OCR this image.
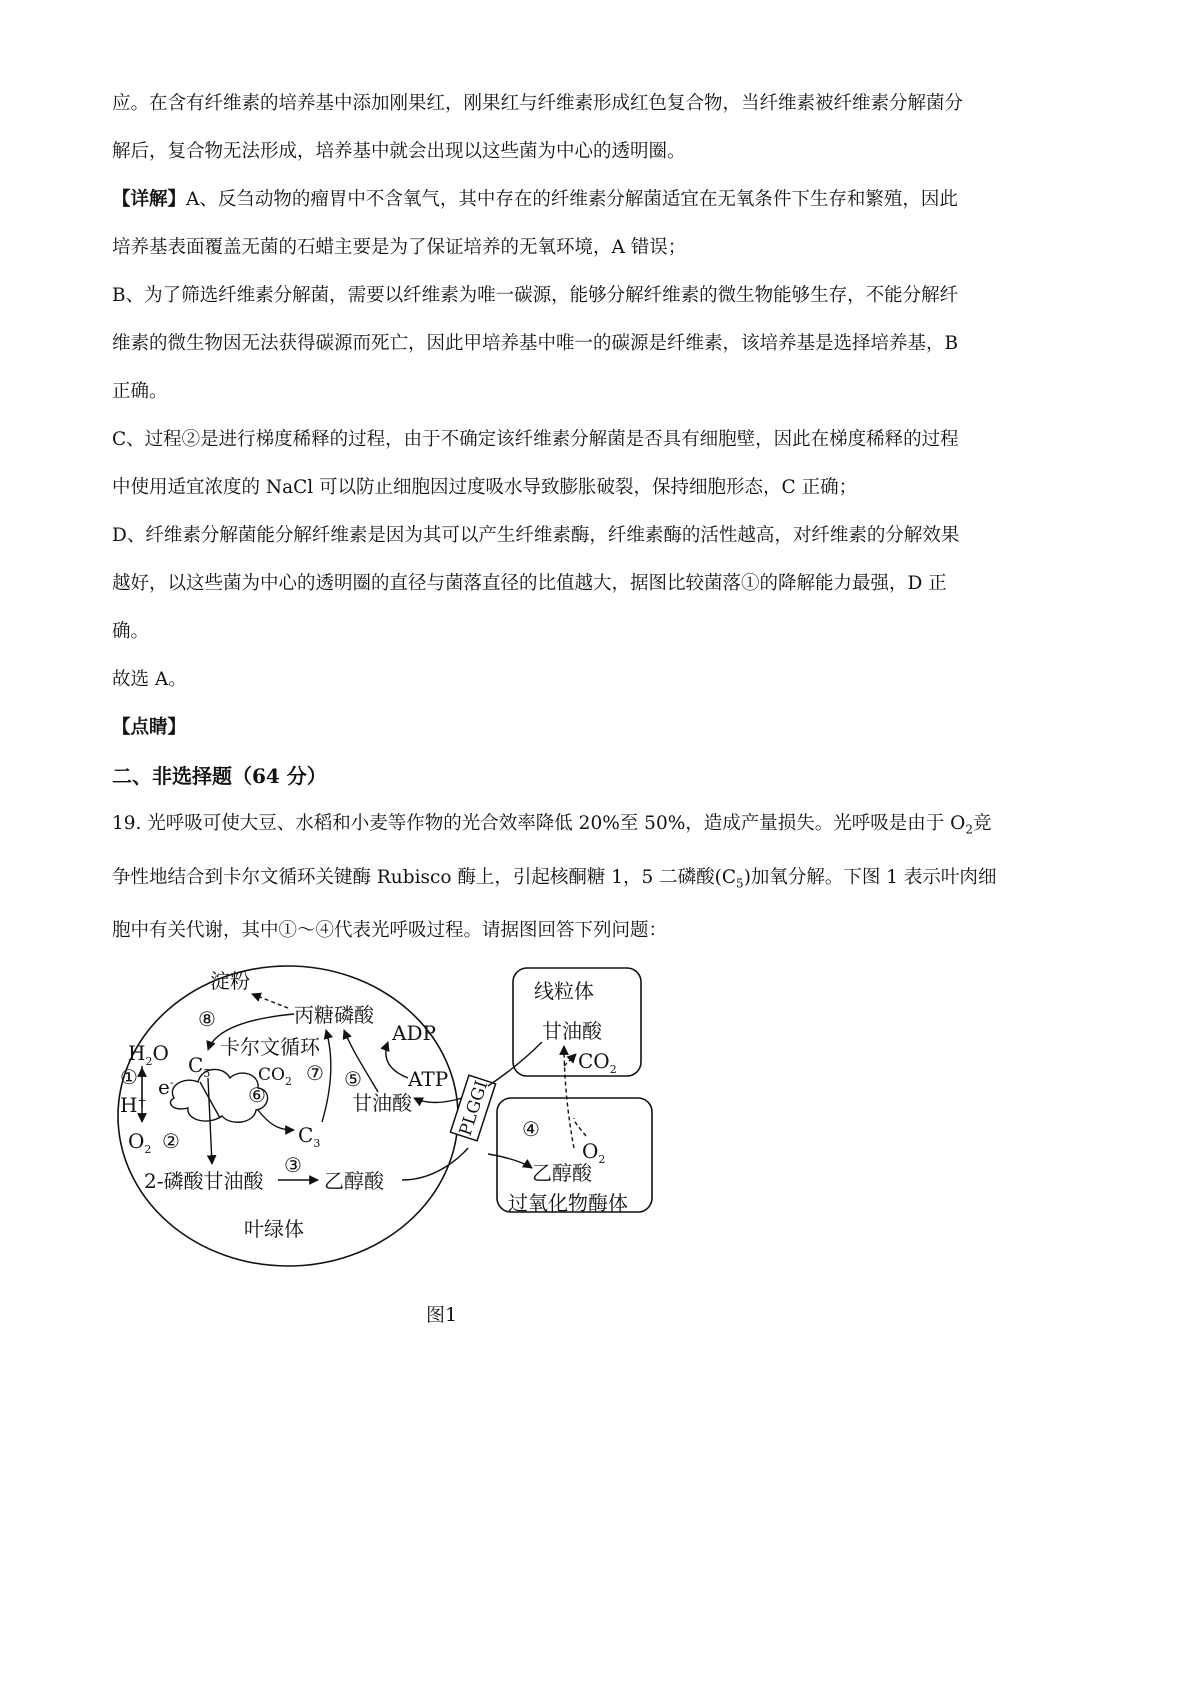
应。在含有纤维素的培养基中添加刚果红，刚果红与纤维素形成红色复合物，当纤维素被纤维素分解菌分
解后，复合物无法形成，培养基中就会出现以这些菌为中心的透明圈。
【详解】A、反刍动物的瘤胃中不含氧气，其中存在的纤维素分解菌适宜在无氧条件下生存和繁殖，因此
培养基表面覆盖无菌的石蜡主要是为了保证培养的无氧环境，A 错误；
B、为了筛选纤维素分解菌，需要以纤维素为唯一碳源，能够分解纤维素的微生物能够生存，不能分解纤
维素的微生物因无法获得碳源而死亡，因此甲培养基中唯一的碳源是纤维素，该培养基是选择培养基，B
正确。
C、过程②是进行梯度稀释的过程，由于不确定该纤维素分解菌是否具有细胞壁，因此在梯度稀释的过程
中使用适宜浓度的 NaCl 可以防止细胞因过度吸水导致膨胀破裂，保持细胞形态，C 正确；
D、纤维素分解菌能分解纤维素是因为其可以产生纤维素酶，纤维素酶的活性越高，对纤维素的分解效果
越好，以这些菌为中心的透明圈的直径与菌落直径的比值越大，据图比较菌落①的降解能力最强，D 正
确。
故选 A。
【点睛】
二、非选择题（64 分）
19. 光呼吸可使大豆、水稻和小麦等作物的光合效率降低 20%至 50%，造成产量损失。光呼吸是由于 $O_2$竞
争性地结合到卡尔文循环关键酶 Rubisco 酶上，引起核酮糖 1，5 二磷酸$(C_5)$加氧分解。下图 1 表示叶肉细
胞中有关代谢，其中①～④代表光呼吸过程。请据图回答下列问题：
PLGGI
淀粉
丙糖磷酸
卡尔文循环
ADP
ATP
甘油酸
$H_2O$
H+
e-
$C_5$	$CO_2$
$C_3$
$O_2$
2-磷酸甘油酸	乙醇酸
叶绿体
线粒体
甘油酸
$CO_2$
$O_2$
乙醇酸
过氧化物酶体
①
②
③
④
⑤
⑥
⑦
⑧
图1
